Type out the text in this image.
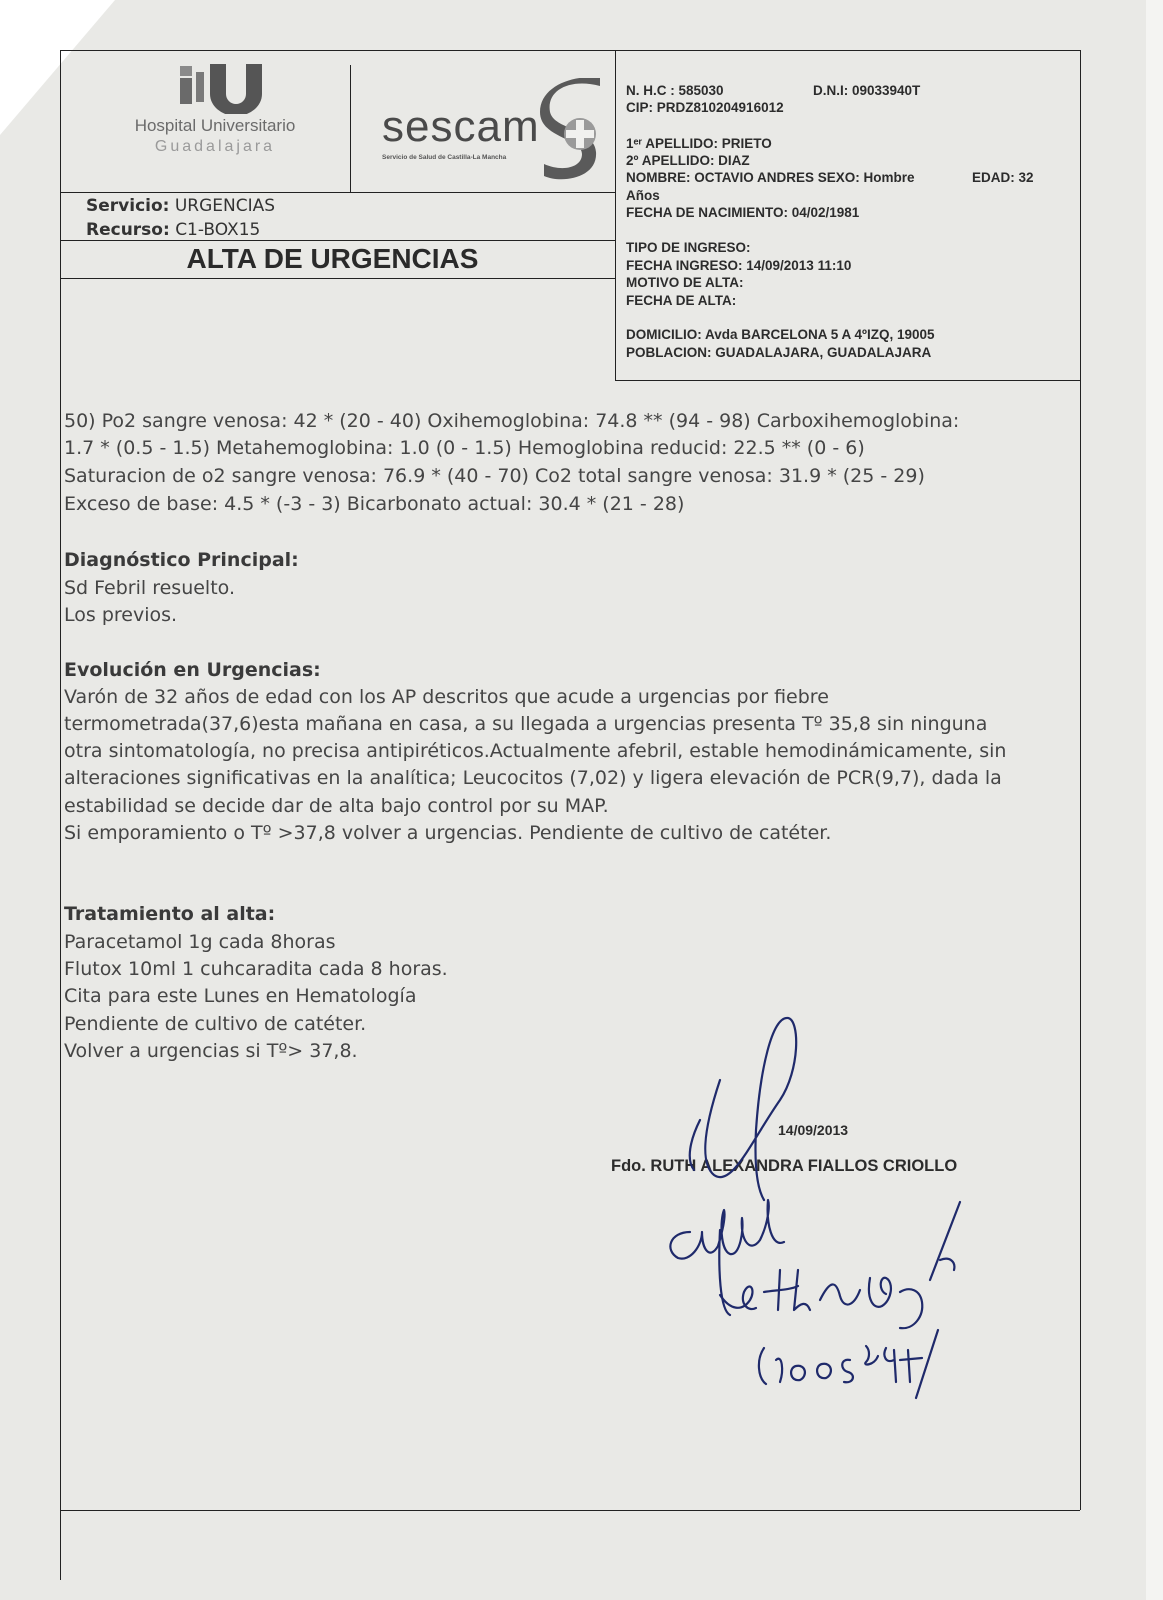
Hospital Universitario
Guadalajara	sescam
Servicio de Salud de Castilla-La Mancha
Servicio: URGENCIAS
Recurso: C1-BOX15
ALTA DE URGENCIAS
N. H.C : 585030	D.N.I: 09033940T
CIP: PRDZ810204916012
1ᵉʳ APELLIDO: PRIETO
2º APELLIDO: DIAZ
NOMBRE: OCTAVIO ANDRES SEXO: Hombre	EDAD: 32
Años
FECHA DE NACIMIENTO: 04/02/1981
TIPO DE INGRESO:
FECHA INGRESO: 14/09/2013 11:10
MOTIVO DE ALTA:
FECHA DE ALTA:
DOMICILIO: Avda BARCELONA 5 A 4ºIZQ, 19005
POBLACION: GUADALAJARA, GUADALAJARA
50) Po2 sangre venosa: 42 * (20 - 40) Oxihemoglobina: 74.8 ** (94 - 98) Carboxihemoglobina:
1.7 * (0.5 - 1.5) Metahemoglobina: 1.0 (0 - 1.5) Hemoglobina reducid: 22.5 ** (0 - 6)
Saturacion de o2 sangre venosa: 76.9 * (40 - 70) Co2 total sangre venosa: 31.9 * (25 - 29)
Exceso de base: 4.5 * (-3 - 3) Bicarbonato actual: 30.4 * (21 - 28)
Diagnóstico Principal:
Sd Febril resuelto.
Los previos.
Evolución en Urgencias:
Varón de 32 años de edad con los AP descritos que acude a urgencias por fiebre
termometrada(37,6)esta mañana en casa, a su llegada a urgencias presenta Tº 35,8 sin ninguna
otra sintomatología, no precisa antipiréticos.Actualmente afebril, estable hemodinámicamente, sin
alteraciones significativas en la analítica; Leucocitos (7,02) y ligera elevación de PCR(9,7), dada la
estabilidad se decide dar de alta bajo control por su MAP.
Si emporamiento o Tº >37,8 volver a urgencias. Pendiente de cultivo de catéter.
Tratamiento al alta:
Paracetamol 1g cada 8horas
Flutox 10ml 1 cuhcaradita cada 8 horas.
Cita para este Lunes en Hematología
Pendiente de cultivo de catéter.
Volver a urgencias si Tº> 37,8.
14/09/2013
Fdo. RUTH ALEXANDRA FIALLOS CRIOLLO
